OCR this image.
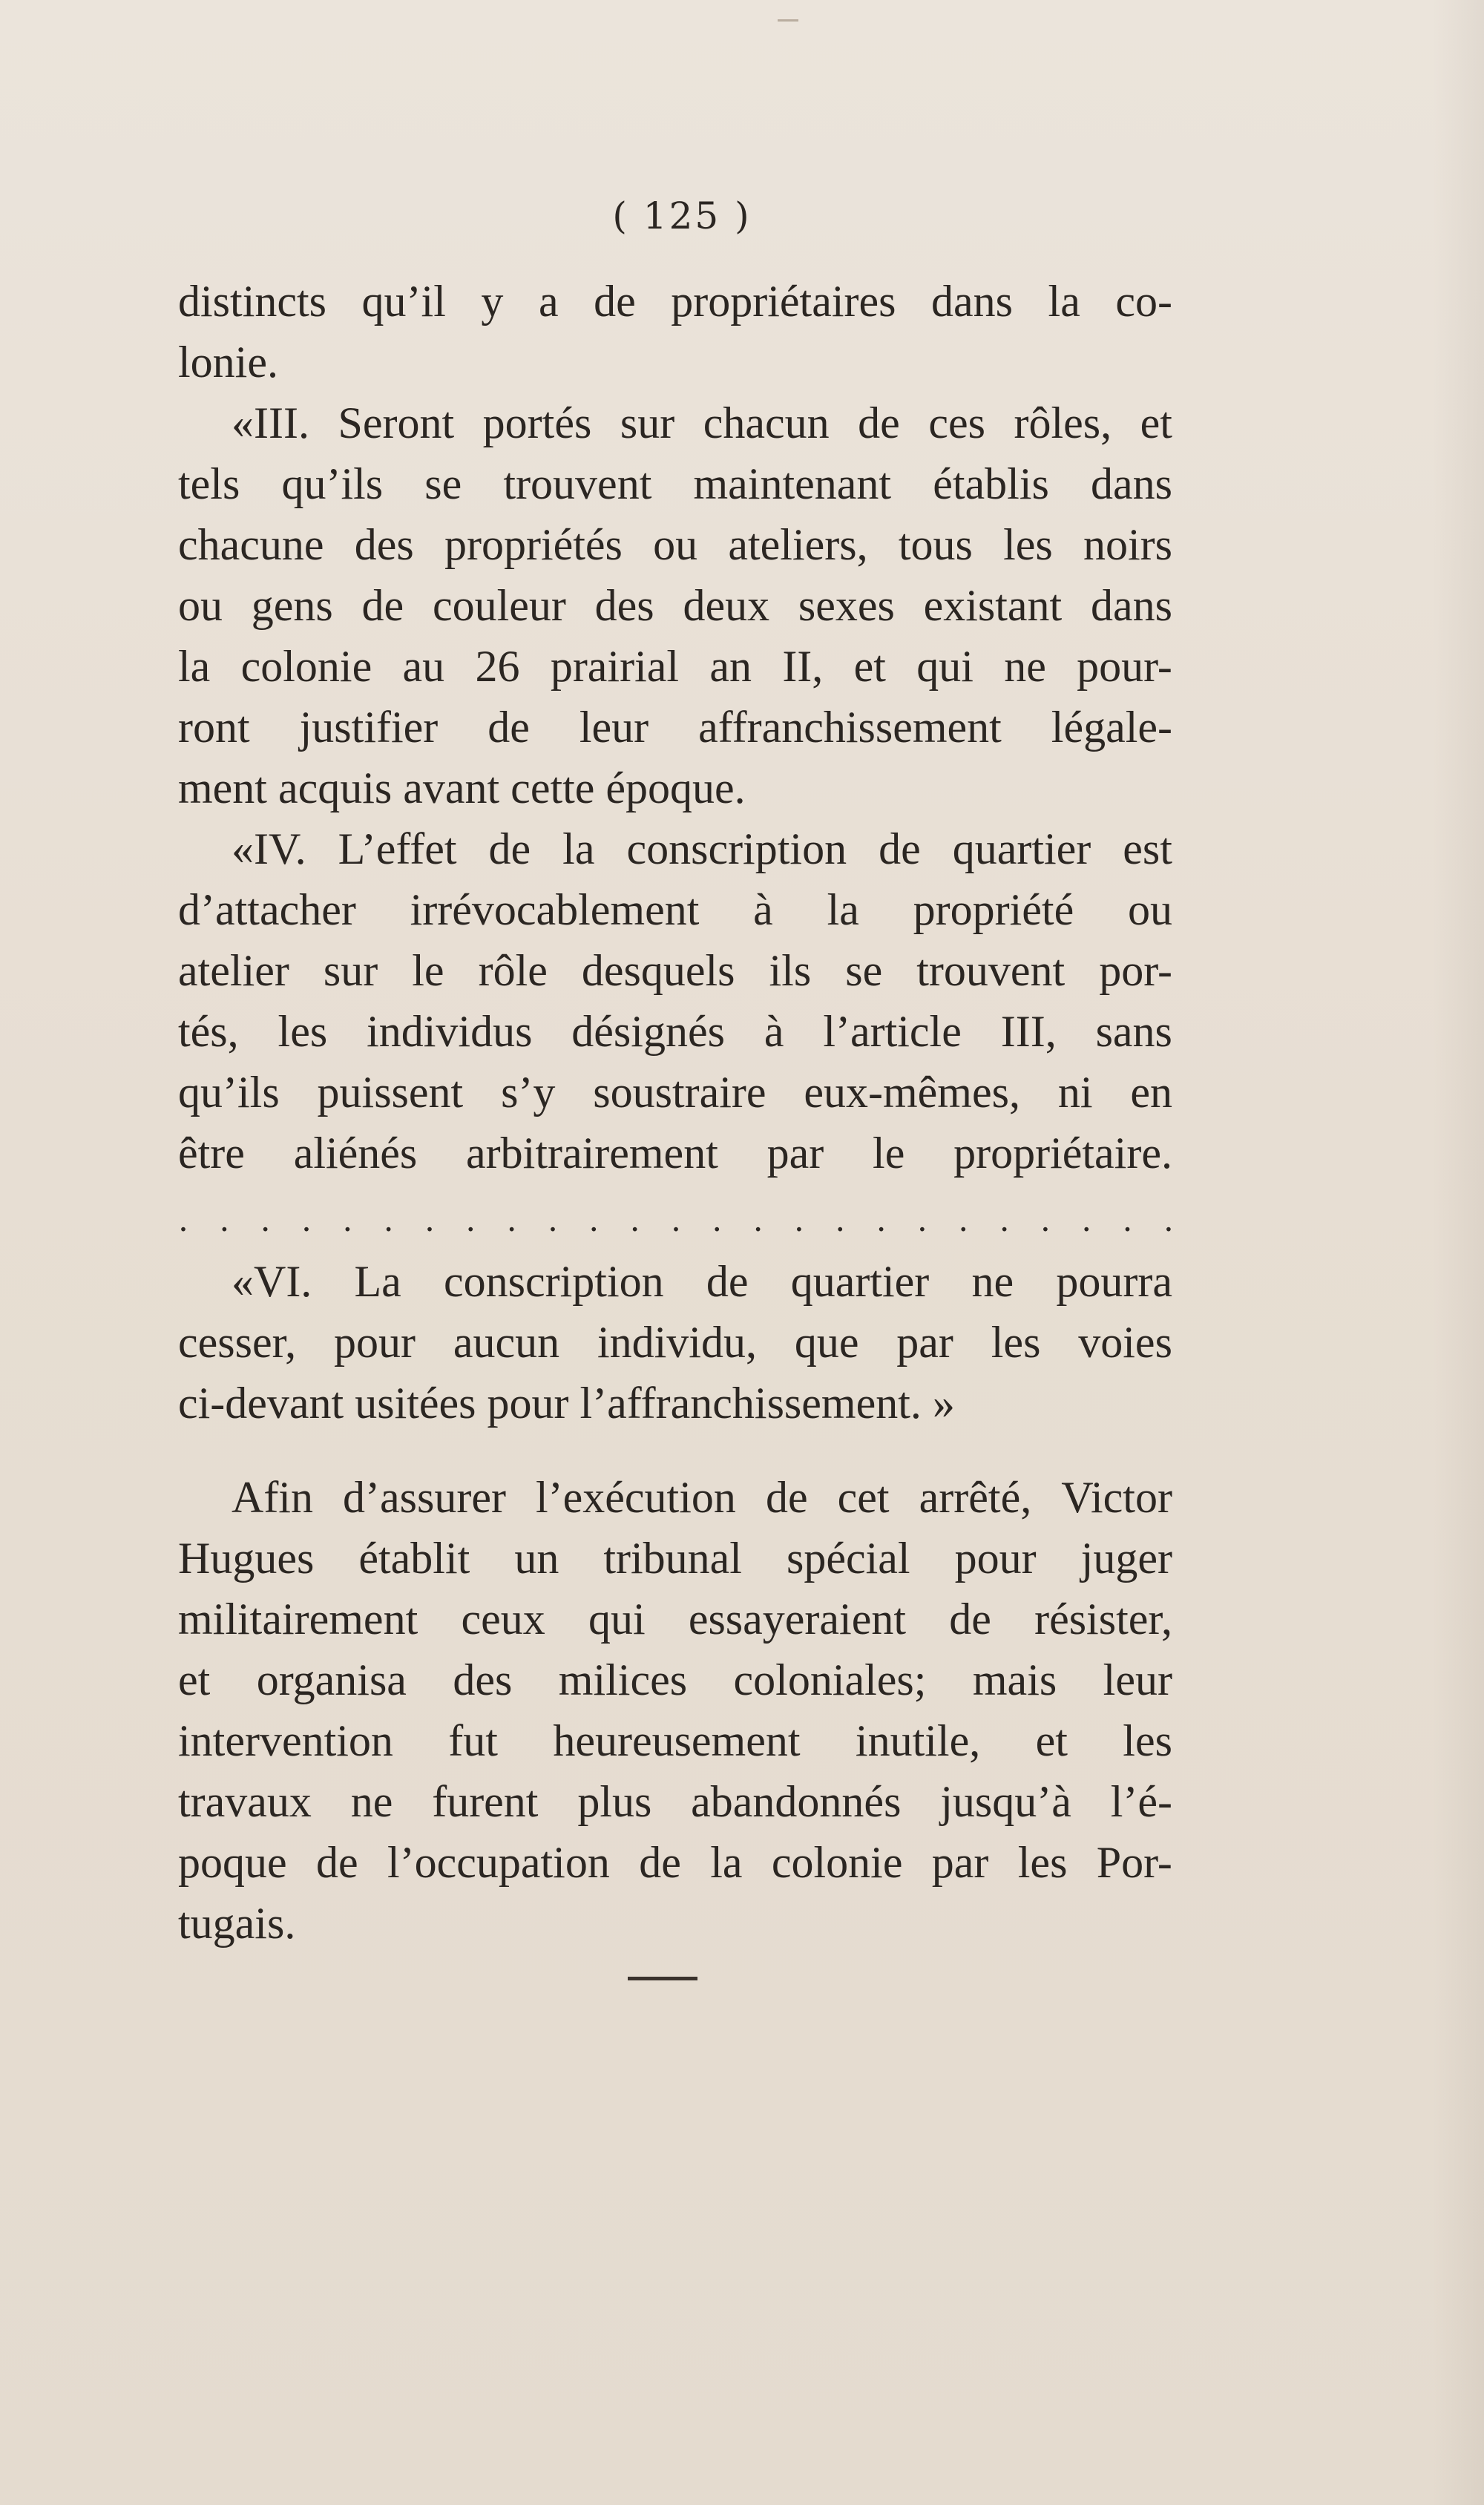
( 125 )
distincts qu’il y a de propriétaires dans la co-
lonie.
«III. Seront portés sur chacun de ces rôles, et
tels qu’ils se trouvent maintenant établis dans
chacune des propriétés ou ateliers, tous les noirs
ou gens de couleur des deux sexes existant dans
la colonie au 26 prairial an II, et qui ne pour-
ront justifier de leur affranchissement légale-
ment acquis avant cette époque.
«IV. L’effet de la conscription de quartier est
d’attacher irrévocablement à la propriété ou
atelier sur le rôle desquels ils se trouvent por-
tés, les individus désignés à l’article III, sans
qu’ils puissent s’y soustraire eux-mêmes, ni en
être aliénés arbitrairement par le propriétaire.
. . . . . . . . . . . . . . . . . . . . . . . . .
«VI. La conscription de quartier ne pourra
cesser, pour aucun individu, que par les voies
ci-devant usitées pour l’affranchissement. »
Afin d’assurer l’exécution de cet arrêté, Victor
Hugues établit un tribunal spécial pour juger
militairement ceux qui essayeraient de résister,
et organisa des milices coloniales; mais leur
intervention fut heureusement inutile, et les
travaux ne furent plus abandonnés jusqu’à l’é-
poque de l’occupation de la colonie par les Por-
tugais.
